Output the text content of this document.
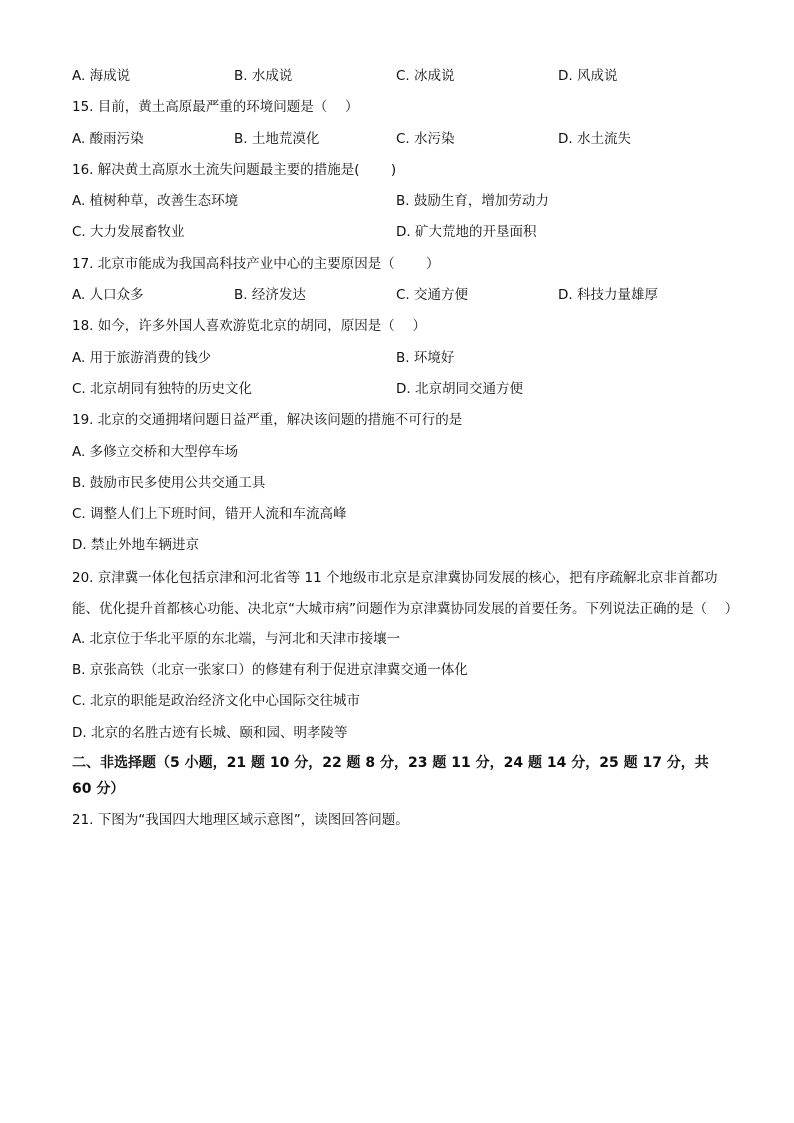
A. 海成说	B. 水成说	C. 冰成说	D. 风成说
15. 目前，黄土高原最严重的环境问题是（　 ）
A. 酸雨污染	B. 土地荒漠化	C. 水污染	D. 水土流失
16. 解决黄土高原水土流失问题最主要的措施是(　　 )
A. 植树种草，改善生态环境	B. 鼓励生育，增加劳动力
C. 大力发展畜牧业	D. 矿大荒地的开垦面积
17. 北京市能成为我国高科技产业中心的主要原因是（　　 ）
A. 人口众多	B. 经济发达	C. 交通方便	D. 科技力量雄厚
18. 如今，许多外国人喜欢游览北京的胡同，原因是（　 ）
A. 用于旅游消费的钱少	B. 环境好
C. 北京胡同有独特的历史文化	D. 北京胡同交通方便
19. 北京的交通拥堵问题日益严重，解决该问题的措施不可行的是
A. 多修立交桥和大型停车场
B. 鼓励市民多使用公共交通工具
C. 调整人们上下班时间，错开人流和车流高峰
D. 禁止外地车辆进京
20. 京津冀一体化包括京津和河北省等 11 个地级市北京是京津冀协同发展的核心，把有序疏解北京非首都功能、优化提升首都核心功能、决北京“大城市病”问题作为京津冀协同发展的首要任务。下列说法正确的是（　 ）
A. 北京位于华北平原的东北端，与河北和天津市接壤一
B. 京张高铁（北京一张家口）的修建有利于促进京津冀交通一体化
C. 北京的职能是政治经济文化中心国际交往城市
D. 北京的名胜古迹有长城、颐和园、明孝陵等
二、非选择题（5 小题，21 题 10 分，22 题 8 分，23 题 11 分，24 题 14 分，25 题 17 分，共 60 分）
21. 下图为“我国四大地理区域示意图”，读图回答问题。
